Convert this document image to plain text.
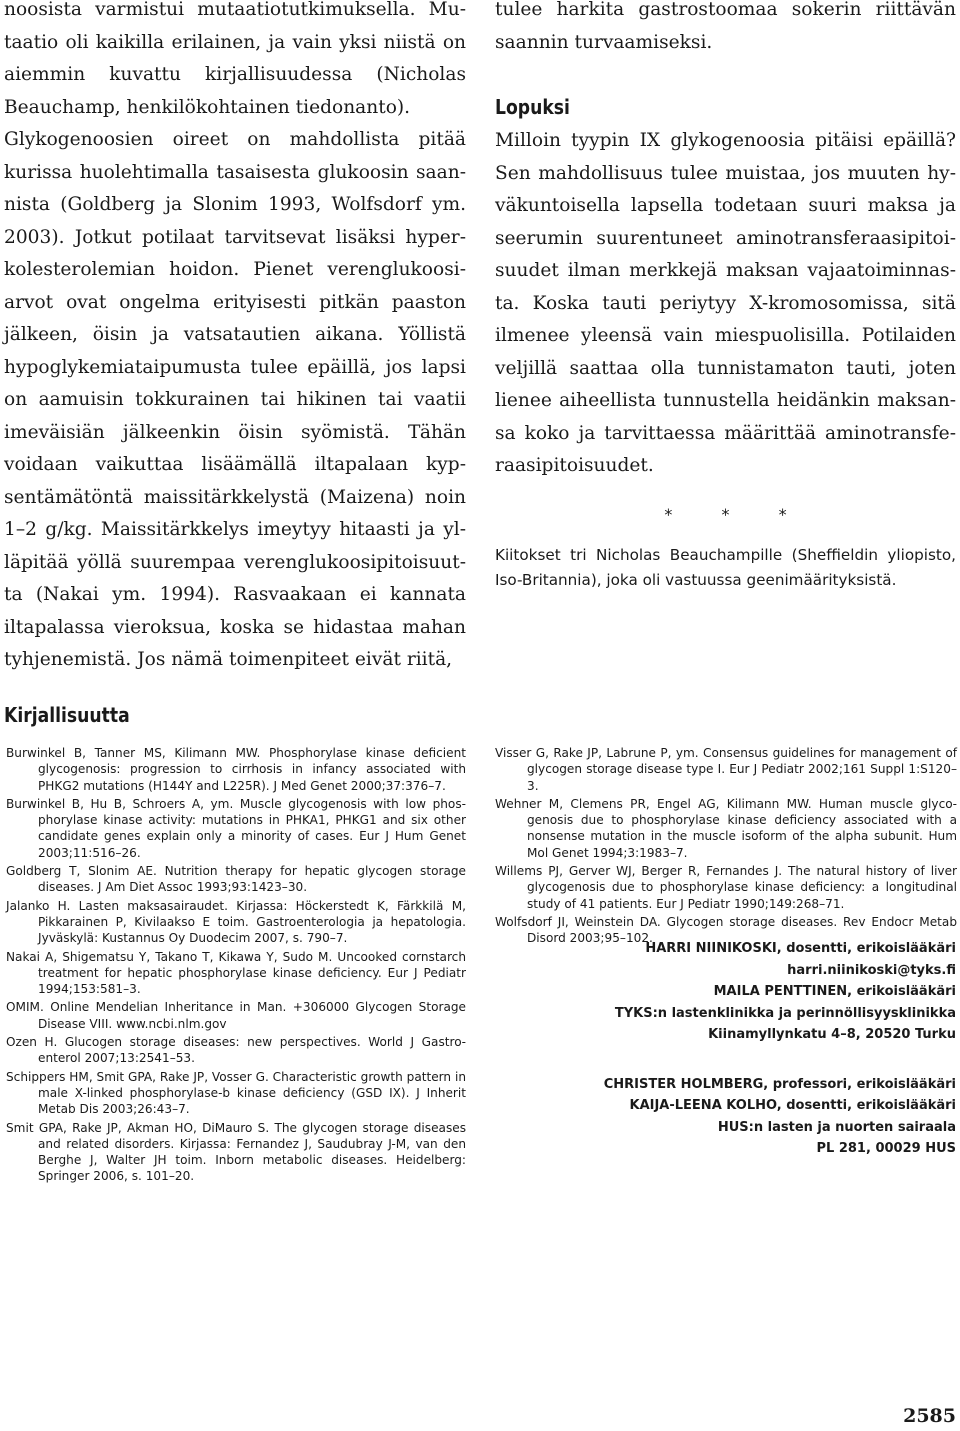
noosista varmistui mutaatiotutkimuksella. Mutaatio oli kaikilla erilainen, ja vain yksi niistä on aiemmin kuvattu kirjallisuudessa (Nicholas Beauchamp, henkilökohtainen tiedonanto).

Glykogenoosien oireet on mahdollista pitää kurissa huolehtimalla tasaisesta glukoosin saannista (Goldberg ja Slonim 1993, Wolfsdorf ym. 2003). Jotkut potilaat tarvitsevat lisäksi hyperkolesterolemian hoidon. Pienet verenglukoosiarvot ovat ongelma erityisesti pitkän paaston jälkeen, öisin ja vatsatautien aikana. Yöllistä hypoglykemiataipumusta tulee epäillä, jos lapsi on aamuisin tokkurainen tai hikinen tai vaatii imeväisiän jälkeenkin öisin syömistä. Tähän voidaan vaikuttaa lisäämällä iltapalaan kypsentämätöntä maissitärkkelystä (Maizena) noin 1–2 g/kg. Maissitärkkelys imeytyy hitaasti ja ylläpitää yöllä suurempaa verenglukoosipitoisuutta (Nakai ym. 1994). Rasvaakaan ei kannata iltapalassa vieroksua, koska se hidastaa mahan tyhjenemistä. Jos nämä toimenpiteet eivät riitä,

tulee harkita gastrostoomaa sokerin riittävän saannin turvaamiseksi.

Lopuksi

Milloin tyypin IX glykogenoosia pitäisi epäillä? Sen mahdollisuus tulee muistaa, jos muuten hyväkuntoisella lapsella todetaan suuri maksa ja seerumin suurentuneet aminotransferaasipitoisuudet ilman merkkejä maksan vajaatoiminnasta. Koska tauti periytyy X-kromosomissa, sitä ilmenee yleensä vain miespuolisilla. Potilaiden veljillä saattaa olla tunnistamaton tauti, joten lienee aiheellista tunnustella heidänkin maksansa koko ja tarvittaessa määrittää aminotransferaasipitoisuudet.

* * *

Kiitokset tri Nicholas Beauchampille (Sheffieldin yliopisto, Iso-Britannia), joka oli vastuussa geenimäärityksistä.

Kirjallisuutta

Burwinkel B, Tanner MS, Kilimann MW. Phosphorylase kinase deficient glycogenosis: progression to cirrhosis in infancy associated with PHKG2 mutations (H144Y and L225R). J Med Genet 2000;37:376–7.

Burwinkel B, Hu B, Schroers A, ym. Muscle glycogenosis with low phosphorylase kinase activity: mutations in PHKA1, PHKG1 and six other candidate genes explain only a minority of cases. Eur J Hum Genet 2003;11:516–26.

Goldberg T, Slonim AE. Nutrition therapy for hepatic glycogen storage diseases. J Am Diet Assoc 1993;93:1423–30.

Jalanko H. Lasten maksasairaudet. Kirjassa: Höckerstedt K, Färkkilä M, Pikkarainen P, Kivilaakso E toim. Gastroenterologia ja hepatologia. Jyväskylä: Kustannus Oy Duodecim 2007, s. 790–7.

Nakai A, Shigematsu Y, Takano T, Kikawa Y, Sudo M. Uncooked cornstarch treatment for hepatic phosphorylase kinase deficiency. Eur J Pediatr 1994;153:581–3.

OMIM. Online Mendelian Inheritance in Man. +306000 Glycogen Storage Disease VIII. www.ncbi.nlm.gov

Ozen H. Glucogen storage diseases: new perspectives. World J Gastroenterol 2007;13:2541–53.

Schippers HM, Smit GPA, Rake JP, Vosser G. Characteristic growth pattern in male X-linked phosphorylase-b kinase deficiency (GSD IX). J Inherit Metab Dis 2003;26:43–7.

Smit GPA, Rake JP, Akman HO, DiMauro S. The glycogen storage diseases and related disorders. Kirjassa: Fernandez J, Saudubray J-M, van den Berghe J, Walter JH toim. Inborn metabolic diseases. Heidelberg: Springer 2006, s. 101–20.

Visser G, Rake JP, Labrune P, ym. Consensus guidelines for management of glycogen storage disease type I. Eur J Pediatr 2002;161 Suppl 1:S120–3.

Wehner M, Clemens PR, Engel AG, Kilimann MW. Human muscle glycogenosis due to phosphorylase kinase deficiency associated with a nonsense mutation in the muscle isoform of the alpha subunit. Hum Mol Genet 1994;3:1983–7.

Willems PJ, Gerver WJ, Berger R, Fernandes J. The natural history of liver glycogenosis due to phosphorylase kinase deficiency: a longitudinal study of 41 patients. Eur J Pediatr 1990;149:268–71.

Wolfsdorf JI, Weinstein DA. Glycogen storage diseases. Rev Endocr Metab Disord 2003;95–102.

HARRI NIINIKOSKI, dosentti, erikoislääkäri
harri.niinikoski@tyks.fi
MAILA PENTTINEN, erikoislääkäri
TYKS:n lastenklinikka ja perinnöllisyysklinikka
Kiinamyllynkatu 4–8, 20520 Turku
CHRISTER HOLMBERG, professori, erikoislääkäri
KAIJA-LEENA KOLHO, dosentti, erikoislääkäri
HUS:n lasten ja nuorten sairaala
PL 281, 00029 HUS
2585
